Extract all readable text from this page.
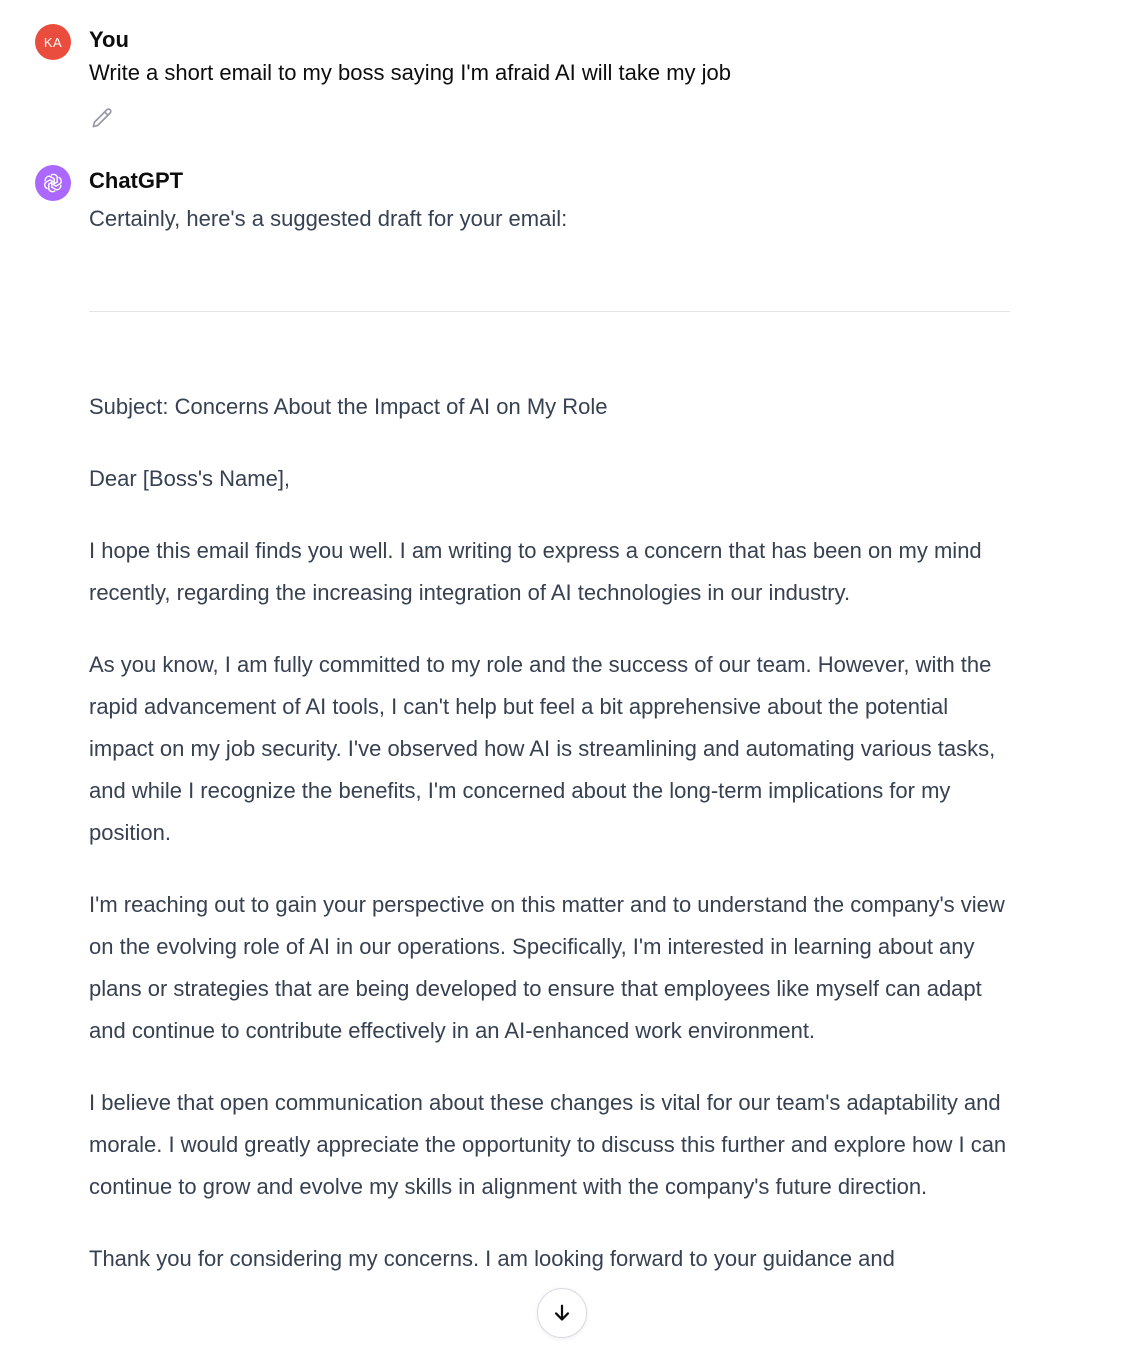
KA You
Write a short email to my boss saying I'm afraid AI will take my job
ChatGPT

Certainly, here's a suggested draft for your email:

Subject: Concerns About the Impact of AI on My Role

Dear [Boss's Name],

I hope this email finds you well. I am writing to express a concern that has been on my mind recently, regarding the increasing integration of AI technologies in our industry.

As you know, I am fully committed to my role and the success of our team. However, with the rapid advancement of AI tools, I can't help but feel a bit apprehensive about the potential impact on my job security. I've observed how AI is streamlining and automating various tasks, and while I recognize the benefits, I'm concerned about the long-term implications for my position.

I'm reaching out to gain your perspective on this matter and to understand the company's view on the evolving role of AI in our operations. Specifically, I'm interested in learning about any plans or strategies that are being developed to ensure that employees like myself can adapt and continue to contribute effectively in an AI-enhanced work environment.

I believe that open communication about these changes is vital for our team's adaptability and morale. I would greatly appreciate the opportunity to discuss this further and explore how I can continue to grow and evolve my skills in alignment with the company's future direction.

Thank you for considering my concerns. I am looking forward to your guidance and
